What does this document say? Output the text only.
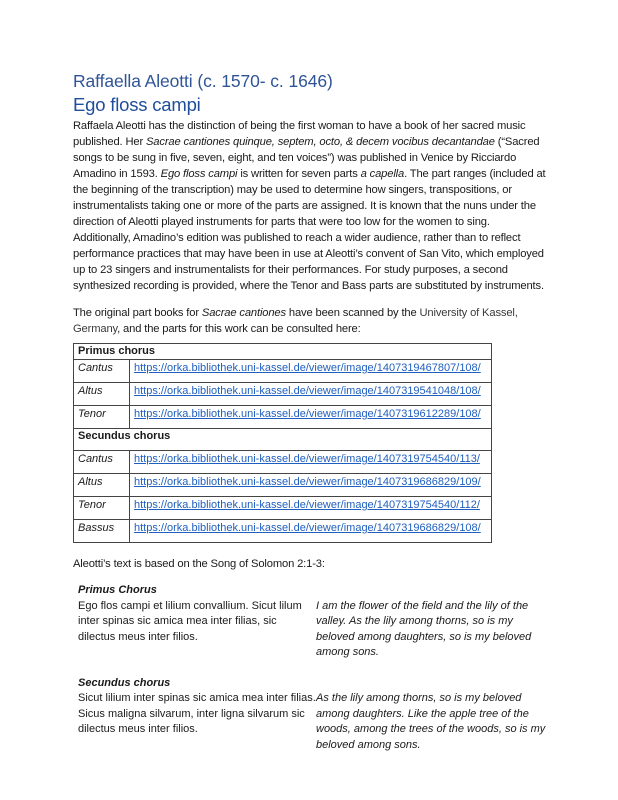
Raffaella Aleotti (c. 1570- c. 1646)
Ego floss campi

Raffaela Aleotti has the distinction of being the first woman to have a book of her sacred music published. Her Sacrae cantiones quinque, septem, octo, & decem vocibus decantandae (“Sacred songs to be sung in five, seven, eight, and ten voices”) was published in Venice by Ricciardo Amadino in 1593. Ego floss campi is written for seven parts a capella. The part ranges (included at the beginning of the transcription) may be used to determine how singers, transpositions, or instrumentalists taking one or more of the parts are assigned. It is known that the nuns under the direction of Aleotti played instruments for parts that were too low for the women to sing. Additionally, Amadino’s edition was published to reach a wider audience, rather than to reflect performance practices that may have been in use at Aleotti’s convent of San Vito, which employed up to 23 singers and instrumentalists for their performances. For study purposes, a second synthesized recording is provided, where the Tenor and Bass parts are substituted by instruments.

The original part books for Sacrae cantiones have been scanned by the University of Kassel, Germany, and the parts for this work can be consulted here:

Primus chorus	
Cantus	https://orka.bibliothek.uni-kassel.de/viewer/image/1407319467807/108/
Altus	https://orka.bibliothek.uni-kassel.de/viewer/image/1407319541048/108/
Tenor	https://orka.bibliothek.uni-kassel.de/viewer/image/1407319612289/108/
Secundus chorus	
Cantus	https://orka.bibliothek.uni-kassel.de/viewer/image/1407319754540/113/
Altus	https://orka.bibliothek.uni-kassel.de/viewer/image/1407319686829/109/
Tenor	https://orka.bibliothek.uni-kassel.de/viewer/image/1407319754540/112/
Bassus	https://orka.bibliothek.uni-kassel.de/viewer/image/1407319686829/108/

Aleotti’s text is based on the Song of Solomon 2:1-3:

Primus Chorus
Ego flos campi et lilium convallium. Sicut lilum inter spinas sic amica mea inter filias, sic dilectus meus inter filios.
I am the flower of the field and the lily of the valley. As the lily among thorns, so is my beloved among daughters, so is my beloved among sons.
Secundus chorus
Sicut lilium inter spinas sic amica mea inter filias. Sicus maligna silvarum, inter ligna silvarum sic dilectus meus inter filios.
As the lily among thorns, so is my beloved among daughters. Like the apple tree of the woods, among the trees of the woods, so is my beloved among sons.
